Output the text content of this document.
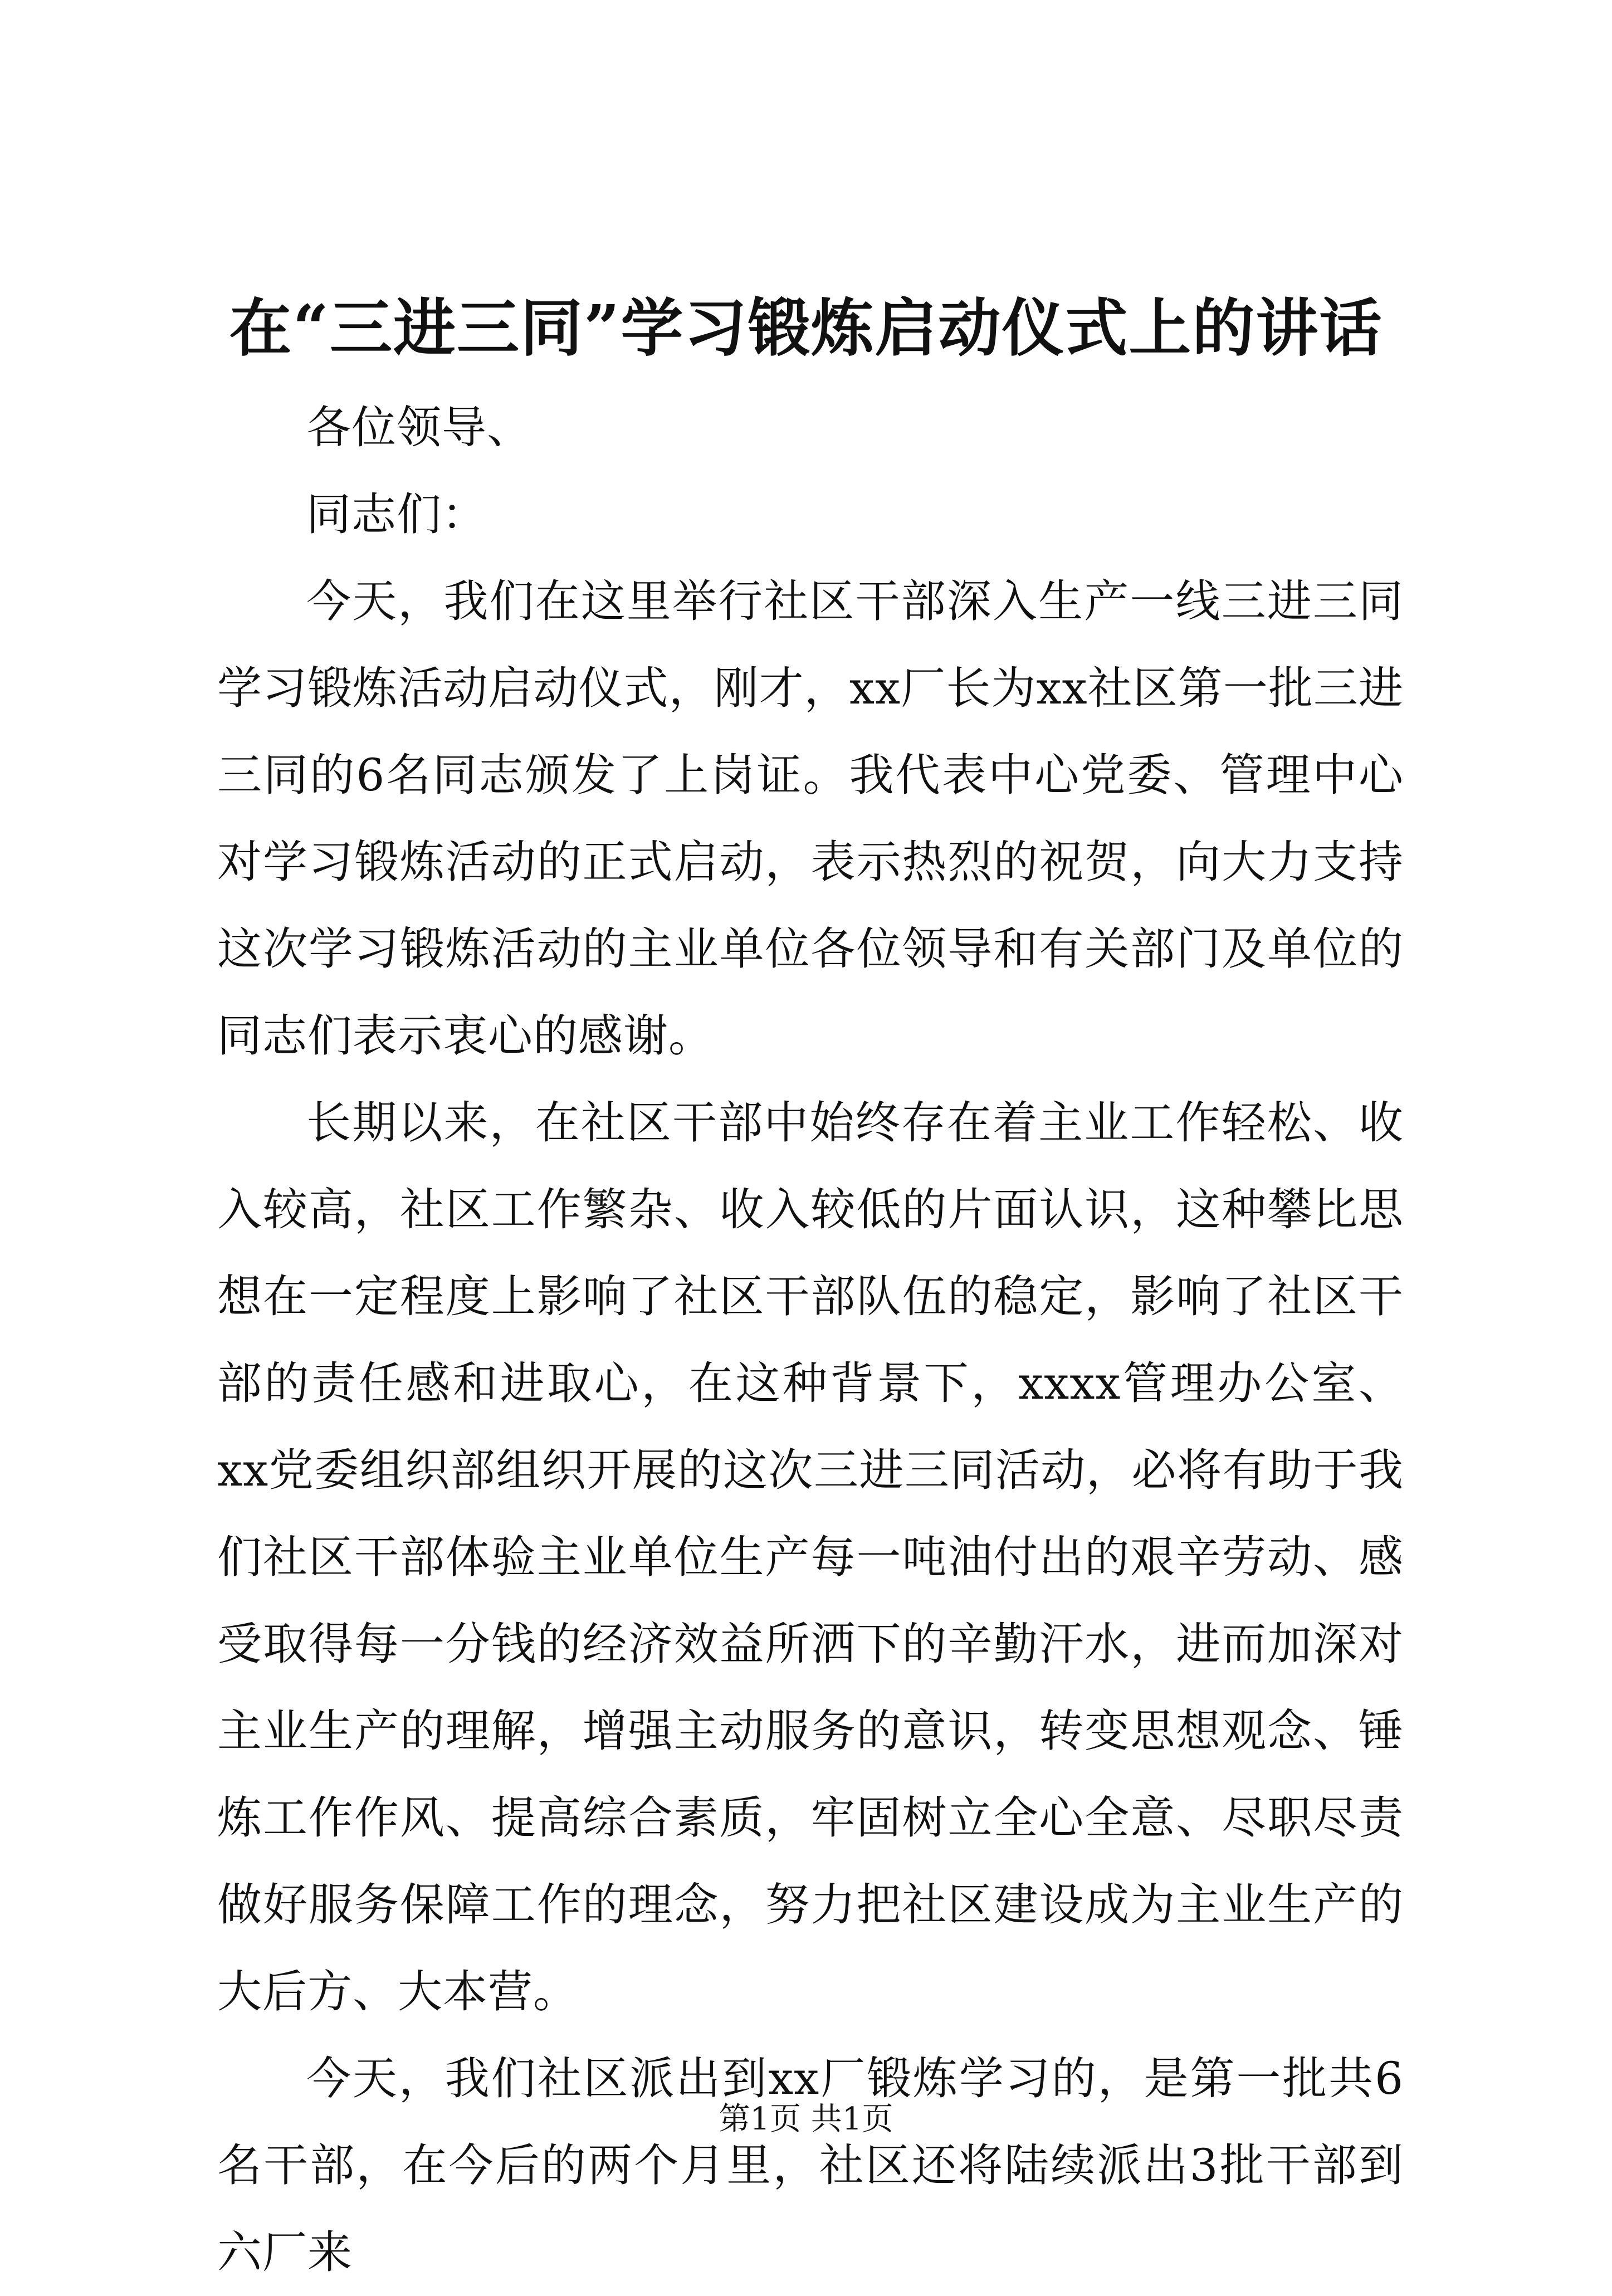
在“三进三同”学习锻炼启动仪式上的讲话

各位领导、

同志们：

今天，我们在这里举行社区干部深入生产一线三进三同学习锻炼活动启动仪式，刚才，xx厂长为xx社区第一批三进三同的6名同志颁发了上岗证。我代表中心党委、管理中心对学习锻炼活动的正式启动，表示热烈的祝贺，向大力支持这次学习锻炼活动的主业单位各位领导和有关部门及单位的同志们表示衷心的感谢。

长期以来，在社区干部中始终存在着主业工作轻松、收入较高，社区工作繁杂、收入较低的片面认识，这种攀比思想在一定程度上影响了社区干部队伍的稳定，影响了社区干部的责任感和进取心，在这种背景下，xxxx管理办公室、xx党委组织部组织开展的这次三进三同活动，必将有助于我们社区干部体验主业单位生产每一吨油付出的艰辛劳动、感受取得每一分钱的经济效益所洒下的辛勤汗水，进而加深对主业生产的理解，增强主动服务的意识，转变思想观念、锤炼工作作风、提高综合素质，牢固树立全心全意、尽职尽责做好服务保障工作的理念，努力把社区建设成为主业生产的大后方、大本营。

今天，我们社区派出到xx厂锻炼学习的，是第一批共6名干部，在今后的两个月里，社区还将陆续派出3批干部到六厂来

第1页 共1页
